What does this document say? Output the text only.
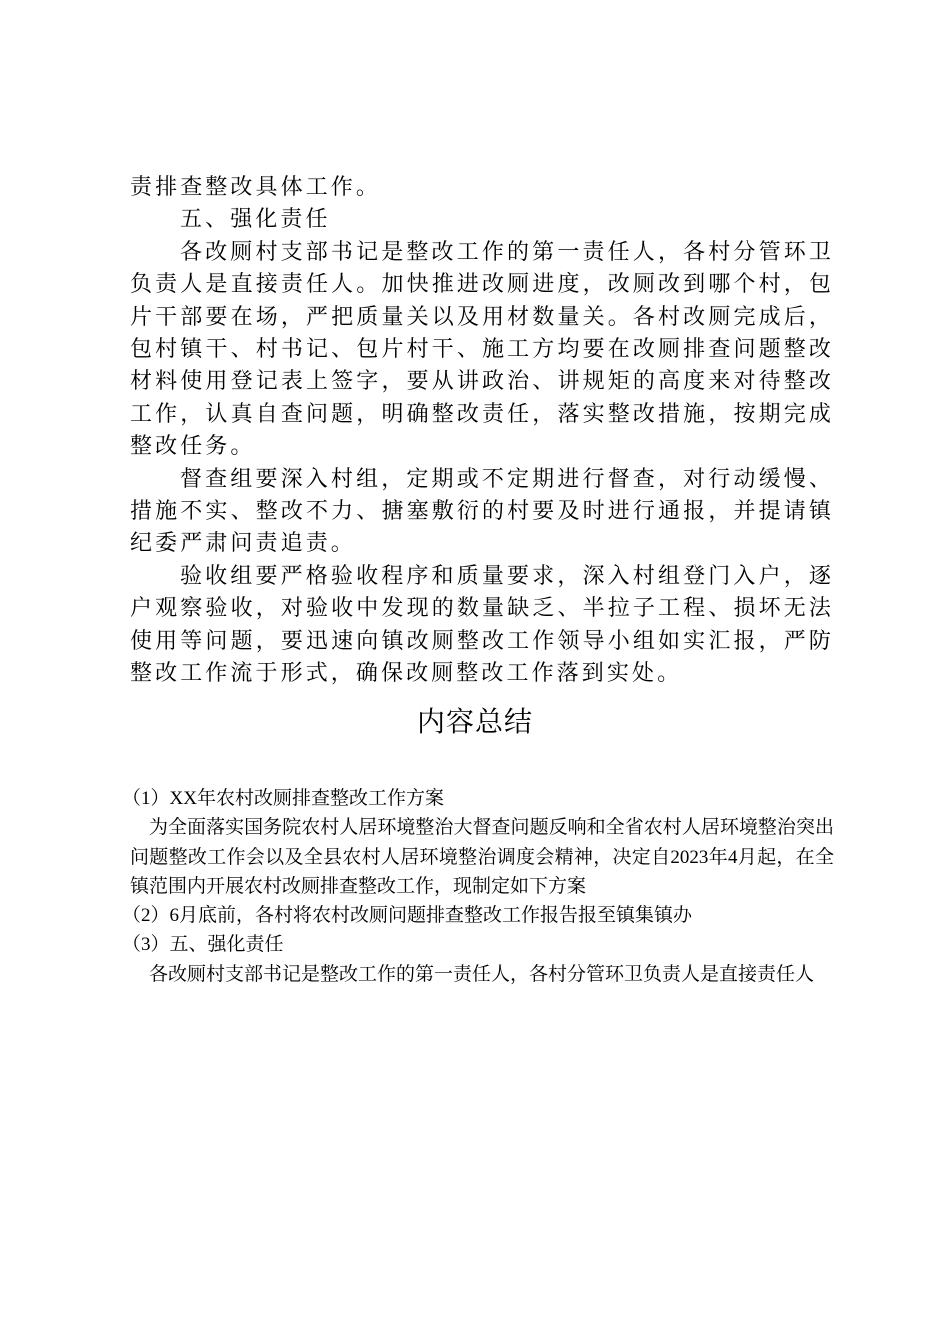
责排查整改具体工作。

五、强化责任

各改厕村支部书记是整改工作的第一责任人，各村分管环卫负责人是直接责任人。加快推进改厕进度，改厕改到哪个村，包片干部要在场，严把质量关以及用材数量关。各村改厕完成后，包村镇干、村书记、包片村干、施工方均要在改厕排查问题整改材料使用登记表上签字，要从讲政治、讲规矩的高度来对待整改工作，认真自查问题，明确整改责任，落实整改措施，按期完成整改任务。

督查组要深入村组，定期或不定期进行督查，对行动缓慢、措施不实、整改不力、搪塞敷衍的村要及时进行通报，并提请镇纪委严肃问责追责。

验收组要严格验收程序和质量要求，深入村组登门入户，逐户观察验收，对验收中发现的数量缺乏、半拉子工程、损坏无法使用等问题，要迅速向镇改厕整改工作领导小组如实汇报，严防整改工作流于形式，确保改厕整改工作落到实处。

内容总结

（1）XX年农村改厕排查整改工作方案

为全面落实国务院农村人居环境整治大督查问题反响和全省农村人居环境整治突出问题整改工作会以及全县农村人居环境整治调度会精神，决定自2023年4月起，在全镇范围内开展农村改厕排查整改工作，现制定如下方案

（2）6月底前，各村将农村改厕问题排查整改工作报告报至镇集镇办

（3）五、强化责任

各改厕村支部书记是整改工作的第一责任人，各村分管环卫负责人是直接责任人
